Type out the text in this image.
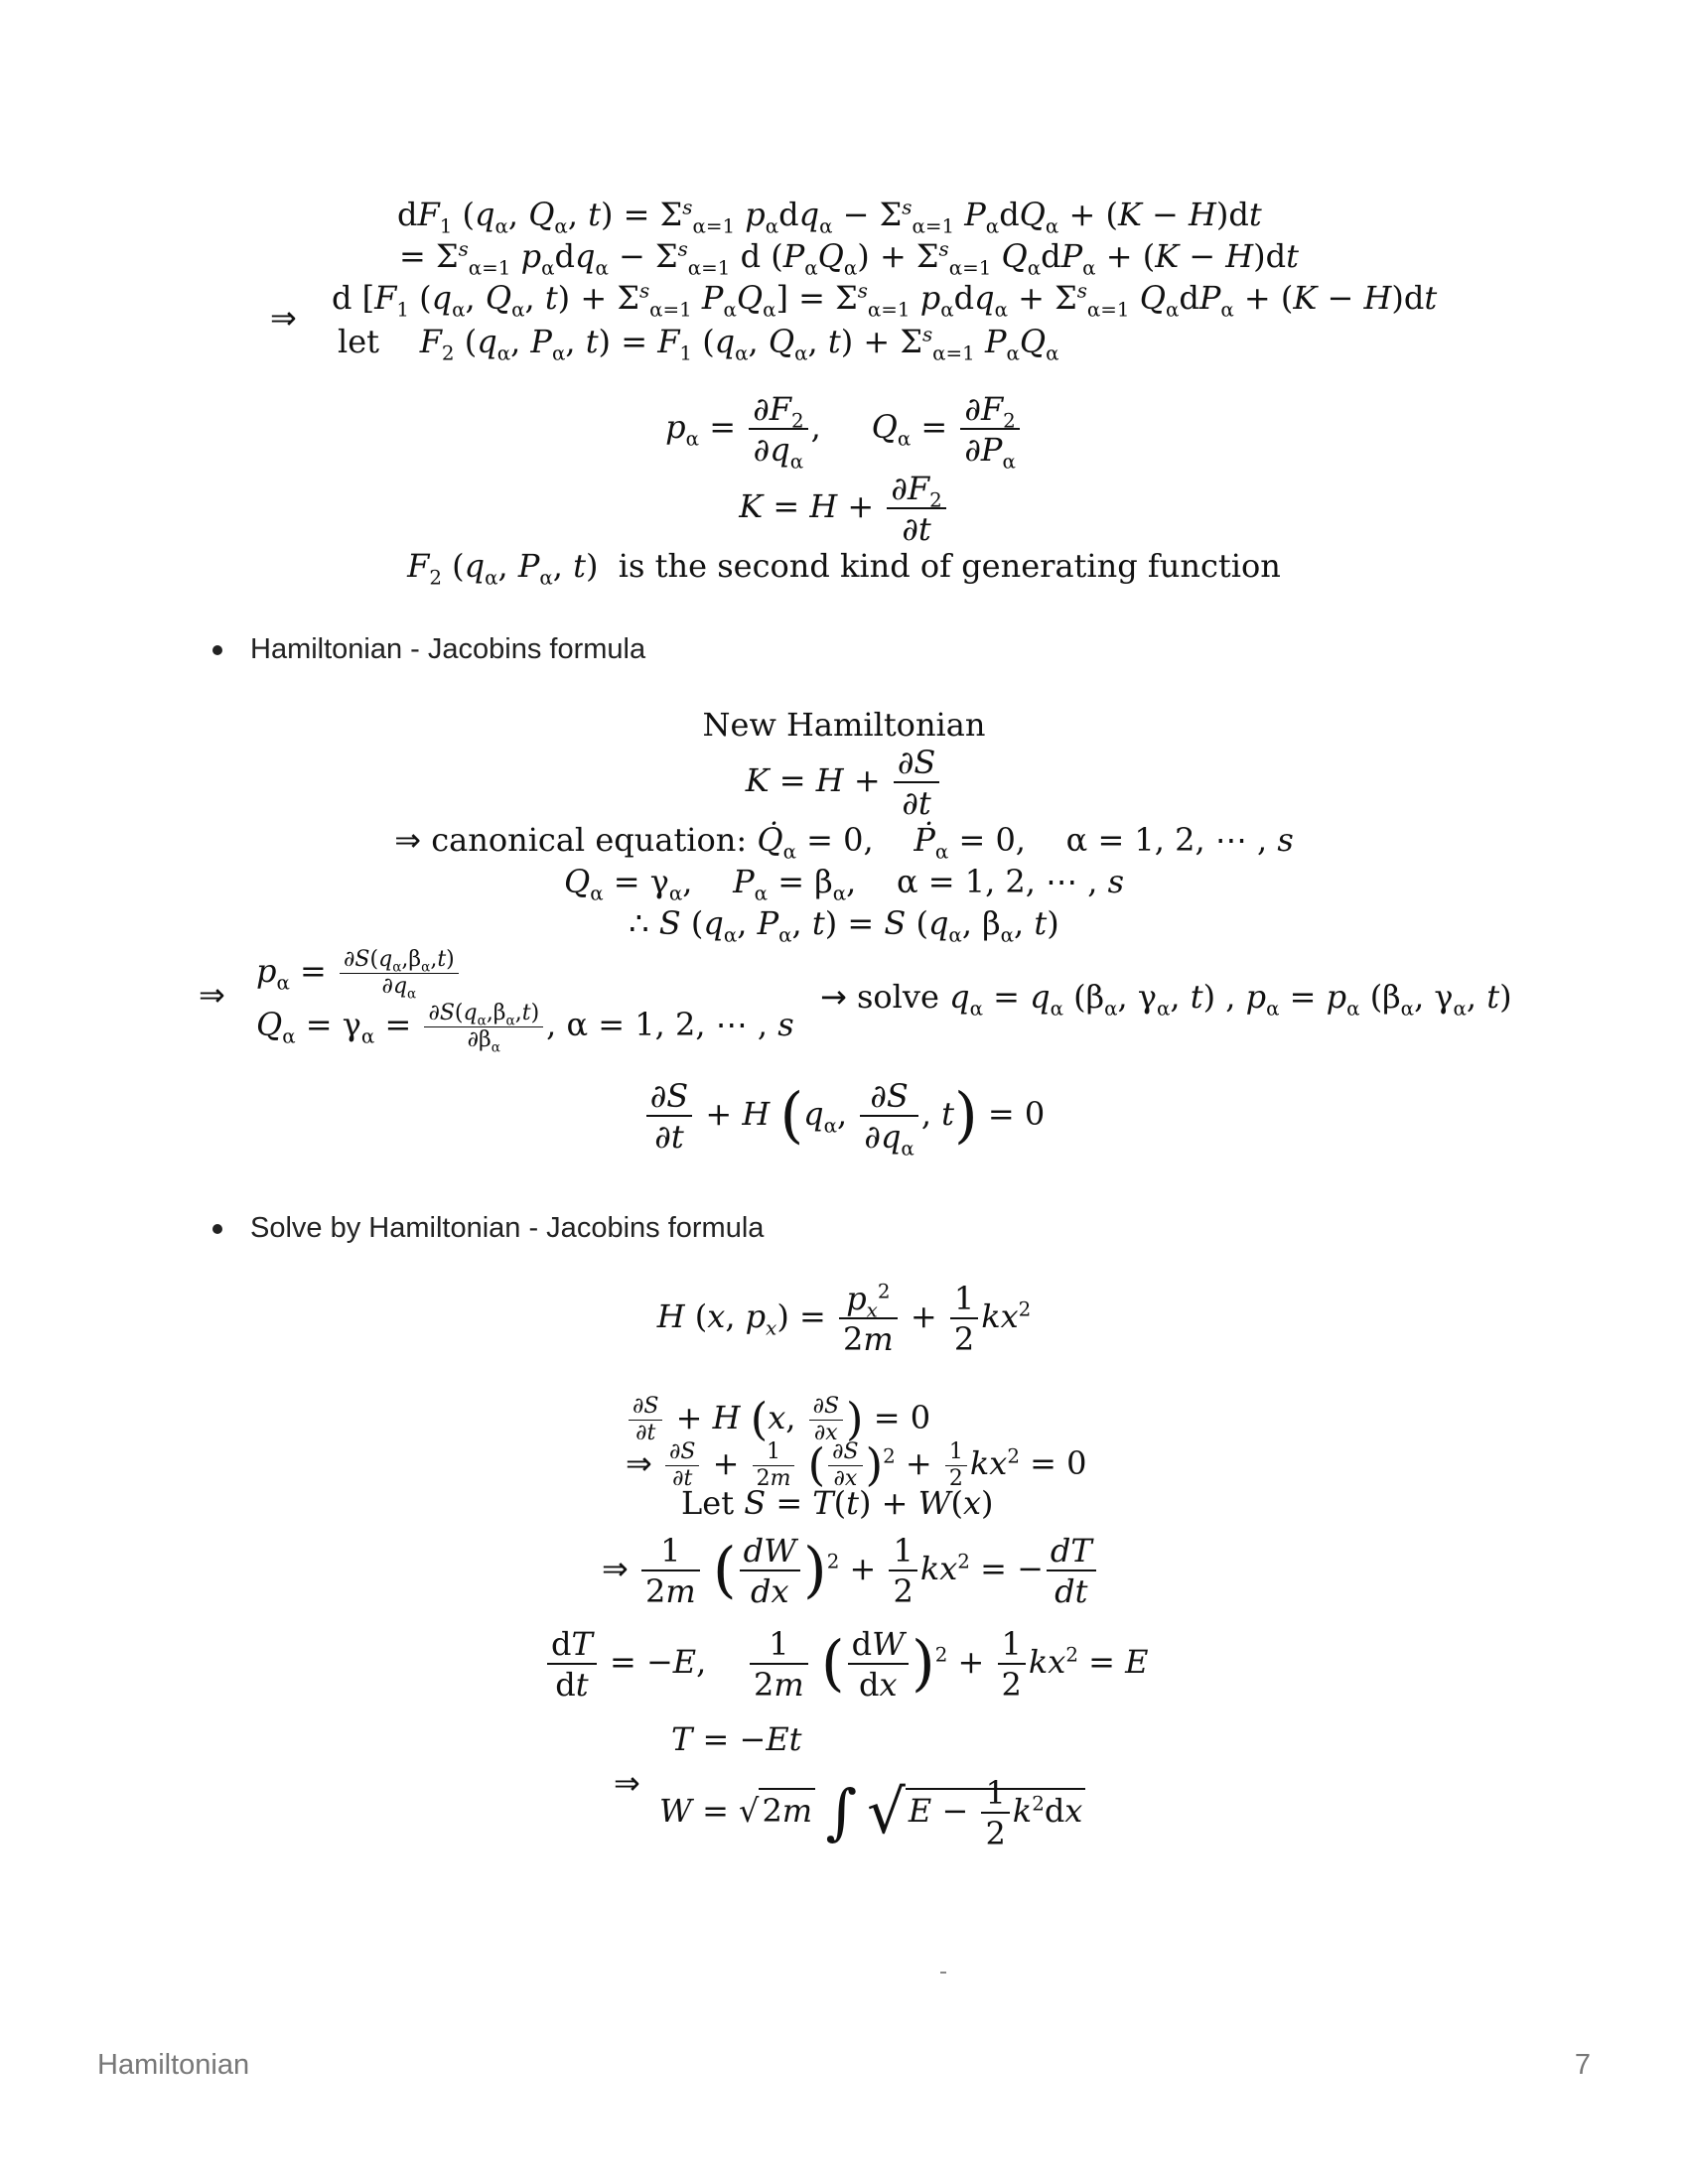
$dF_1$ ($q_\alpha$, $Q_\alpha$, $t) = \Sigma^s_{\alpha=1}$ $p_\alpha dq_\alpha - \Sigma^s_{\alpha=1}$ $P_\alpha dQ_\alpha + (K - H)dt$
= $\Sigma^s_{\alpha=1}$ $p_\alpha dq_\alpha - \Sigma^s_{\alpha=1}$ d $(P_\alpha Q_\alpha) + \Sigma^s_{\alpha=1}$ $Q_\alpha dP_\alpha + (K - H)dt$
⇒
d [$F_1$ ($q_\alpha$, $Q_\alpha$, $t) + \Sigma^s_{\alpha=1}$ $P_\alpha Q_\alpha] = \Sigma^s_{\alpha=1}$ $p_\alpha dq_\alpha + \Sigma^s_{\alpha=1}$ $Q_\alpha dP_\alpha + (K - H)dt$
let    $F_2$ ($q_\alpha$, $P_\alpha$, $t) = F_1$ ($q_\alpha$, $Q_\alpha$, $t) + \Sigma^s_{\alpha=1}$ $P_\alpha Q_\alpha$
$p_\alpha = \frac{\partial F_2}{\partial q_\alpha}$ ,     $Q_\alpha = \frac{\partial F_2}{\partial P_\alpha}$
$K = H + \frac{\partial F_2}{\partial t}$
$F_2$ ($q_\alpha$, $P_\alpha$, t)  is the second kind of generating function
Hamiltonian - Jacobins formula
New Hamiltonian
$K = H + \frac{\partial S}{\partial t}$
⇒ canonical equation: $Q̇_\alpha = 0$,    Ṗ$_\alpha$ = 0,    α = 1, 2, ⋯ , s
$Q_\alpha = \gamma_\alpha$,    $P_\alpha = \beta_\alpha$,    α = 1, 2, ⋯ , s
∴ S ($q_\alpha$, $P_\alpha$, t) = S ($q_\alpha$, $\beta_\alpha$, t)
⇒
$p_\alpha = \frac{\partial S(q_\alpha,\beta_\alpha,t)}{\partial q_\alpha}$
$Q_\alpha = \gamma_\alpha = \frac{\partial S(q_\alpha,\beta_\alpha,t)}{\partial\beta_\alpha}$ , α = 1, 2, ⋯ , s
→ solve $q_\alpha = q_\alpha$ ($\beta_\alpha$, $\gamma_\alpha$, t) , $p_\alpha = p_\alpha$ ($\beta_\alpha$, $\gamma_\alpha$, t)
$\frac{\partial S}{\partial t} + H$ ($q_\alpha$, $\frac{\partial S}{\partial q_\alpha}$ , t) = 0
Solve by Hamiltonian - Jacobins formula
H (x, $p_x) = \frac{p_x^2}{2m} + \frac{1}{2} kx^2$
$\frac{\partial S}{\partial t} + H$ (x, $\frac{\partial S}{\partial x}$ ) = 0
⇒ $\frac{\partial S}{\partial t} + \frac{1}{2m}$ ( $\frac{\partial S}{\partial x} )^2 + \frac{1}{2} kx^2 = 0$
Let S = 𝑇(𝑡) + 𝑊(𝑥)
⇒ $\frac{1}{2m}$ ( $\frac{dW}{dx} )^2 + \frac{1}{2} kx^2$ = − $\frac{dT}{dt}$
$\frac{dT}{dt} = -E$, $\frac{1}{2m}$ ( $\frac{dW}{dx} )^2 + \frac{1}{2} kx^2 = E$
T = −Et
⇒
W = √2m ∫ $√E - \frac{1}{2} k^2dx$
Hamiltonian	7
